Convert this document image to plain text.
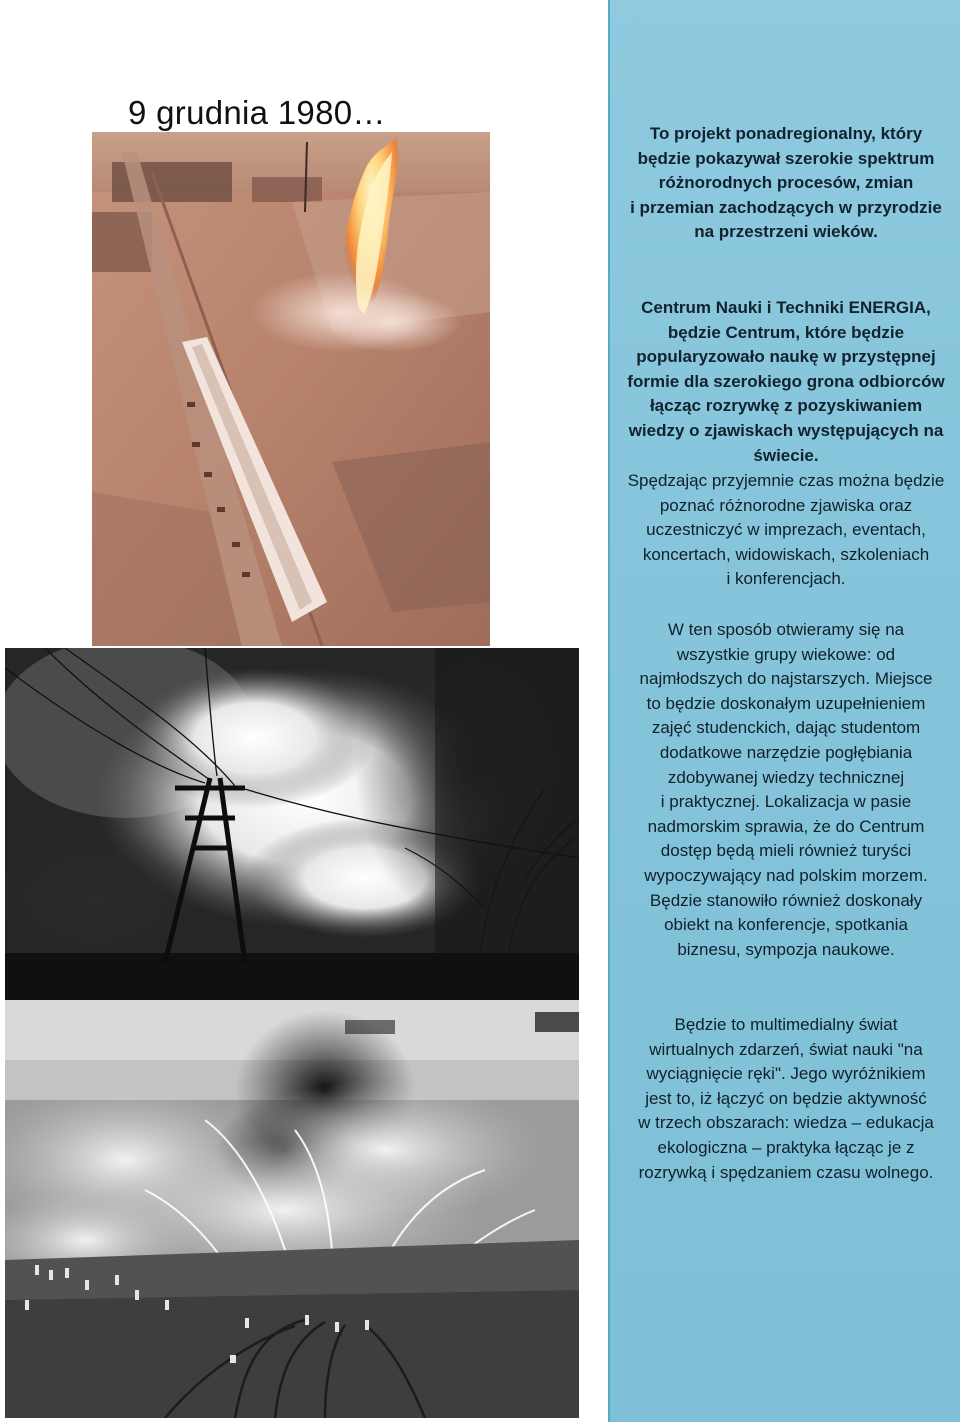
9 grudnia 1980…
To projekt ponadregionalny, który
będzie pokazywał szerokie spektrum
różnorodnych procesów, zmian
i przemian zachodzących w przyrodzie
na przestrzeni wieków.
Centrum Nauki i Techniki ENERGIA,
będzie Centrum, które będzie
popularyzowało naukę w przystępnej
formie dla szerokiego grona odbiorców
łącząc rozrywkę z pozyskiwaniem
wiedzy o zjawiskach występujących na
świecie.
Spędzając przyjemnie czas można będzie
poznać różnorodne zjawiska oraz
uczestniczyć w imprezach, eventach,
koncertach, widowiskach, szkoleniach
i konferencjach.
W ten sposób otwieramy się na
wszystkie grupy wiekowe: od
najmłodszych do najstarszych. Miejsce
to będzie doskonałym uzupełnieniem
zajęć studenckich, dając studentom
dodatkowe narzędzie pogłębiania
zdobywanej wiedzy technicznej
i praktycznej. Lokalizacja w pasie
nadmorskim sprawia, że do Centrum
dostęp będą mieli również turyści
wypoczywający nad polskim morzem.
Będzie stanowiło również doskonały
obiekt na konferencje, spotkania
biznesu, sympozja naukowe.
Będzie to multimedialny świat
wirtualnych zdarzeń, świat nauki "na
wyciągnięcie ręki". Jego wyróżnikiem
jest to, iż łączyć on będzie aktywność
w trzech obszarach: wiedza – edukacja
ekologiczna – praktyka łącząc je z
rozrywką i spędzaniem czasu wolnego.
